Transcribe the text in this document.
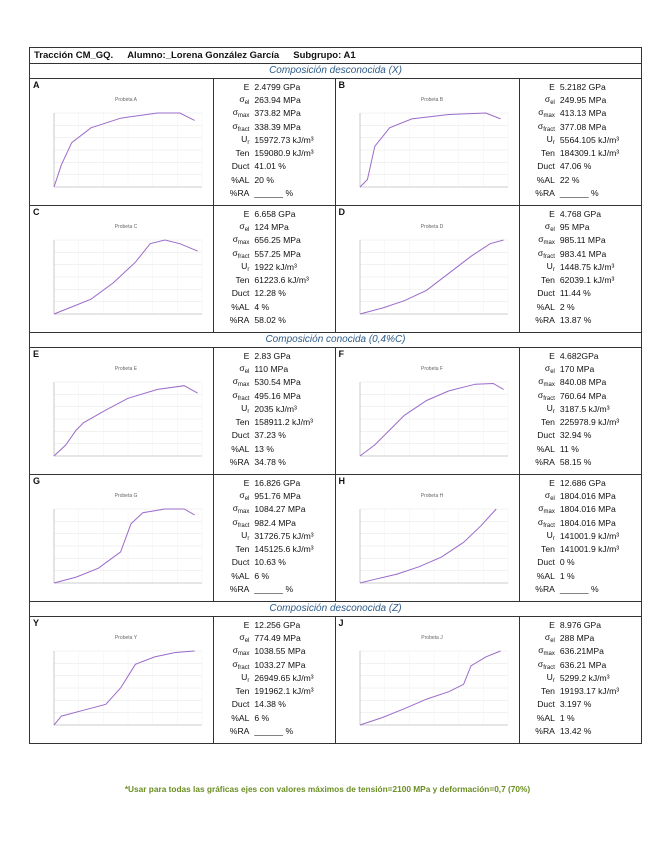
Tracción CM_GQ. Alumno:_Lorena González García Subgrupo: A1
Composición desconocida (X)
A
Probeta A
E 2.4799 GPa
$\sigma_{el}$ 263.94 MPa
$\sigma_{max}$ 373.82 MPa
$\sigma_{fract}$ 338.39 MPa
$U_r$ 15972.73 kJ/m³
Ten 159080.9 kJ/m³
Duct 41.01 %
%AL 20 %
%RA ______ %
B
Probeta B
E 5.2182 GPa
$\sigma_{el}$ 249.95 MPa
$\sigma_{max}$ 413.13 MPa
$\sigma_{fract}$ 377.08 MPa
$U_r$ 5564.105 kJ/m³
Ten 184309.1 kJ/m³
Duct 47.06 %
%AL 22 %
%RA ______ %
C
Probeta C
E 6.658 GPa
$\sigma_{el}$ 124 MPa
$\sigma_{max}$ 656.25 MPa
$\sigma_{fract}$ 557.25 MPa
$U_r$ 1922 kJ/m³
Ten 61223.6 kJ/m³
Duct 12.28 %
%AL 4 %
%RA 58.02 %
D
Probeta D
E 4.768 GPa
$\sigma_{el}$ 95 MPa
$\sigma_{max}$ 985.11 MPa
$\sigma_{fract}$ 983.41 MPa
$U_r$ 1448.75 kJ/m³
Ten 62039.1 kJ/m³
Duct 11.44 %
%AL 2 %
%RA 13.87 %
Composición conocida (0,4%C)
E
Probeta E
E 2.83 GPa
$\sigma_{el}$ 110 MPa
$\sigma_{max}$ 530.54 MPa
$\sigma_{fract}$ 495.16 MPa
$U_r$ 2035 kJ/m³
Ten 158911.2 kJ/m³
Duct 37.23 %
%AL 13 %
%RA 34.78 %
F
Probeta F
E 4.682GPa
$\sigma_{el}$ 170 MPa
$\sigma_{max}$ 840.08 MPa
$\sigma_{fract}$ 760.64 MPa
$U_r$ 3187.5 kJ/m³
Ten 225978.9 kJ/m³
Duct 32.94 %
%AL 11 %
%RA 58.15 %
G
Probeta G
E 16.826 GPa
$\sigma_{el}$ 951.76 MPa
$\sigma_{max}$ 1084.27 MPa
$\sigma_{fract}$ 982.4 MPa
$U_r$ 31726.75 kJ/m³
Ten 145125.6 kJ/m³
Duct 10.63 %
%AL 6 %
%RA ______ %
H
Probeta H
E 12.686 GPa
$\sigma_{el}$ 1804.016 MPa
$\sigma_{max}$ 1804.016 MPa
$\sigma_{fract}$ 1804.016 MPa
$U_r$ 141001.9 kJ/m³
Ten 141001.9 kJ/m³
Duct 0 %
%AL 1 %
%RA ______ %
Composición desconocida (Z)
Y
Probeta Y
E 12.256 GPa
$\sigma_{el}$ 774.49 MPa
$\sigma_{max}$ 1038.55 MPa
$\sigma_{fract}$ 1033.27 MPa
$U_r$ 26949.65 kJ/m³
Ten 191962.1 kJ/m³
Duct 14.38 %
%AL 6 %
%RA ______ %
J
Probeta J
E 8.976 GPa
$\sigma_{el}$ 288 MPa
$\sigma_{max}$ 636.21MPa
$\sigma_{fract}$ 636.21 MPa
$U_r$ 5299.2 kJ/m³
Ten 19193.17 kJ/m³
Duct 3.197 %
%AL 1 %
%RA 13.42 %
*Usar para todas las gráficas ejes con valores máximos de tensión=2100 MPa y deformación=0,7 (70%)
